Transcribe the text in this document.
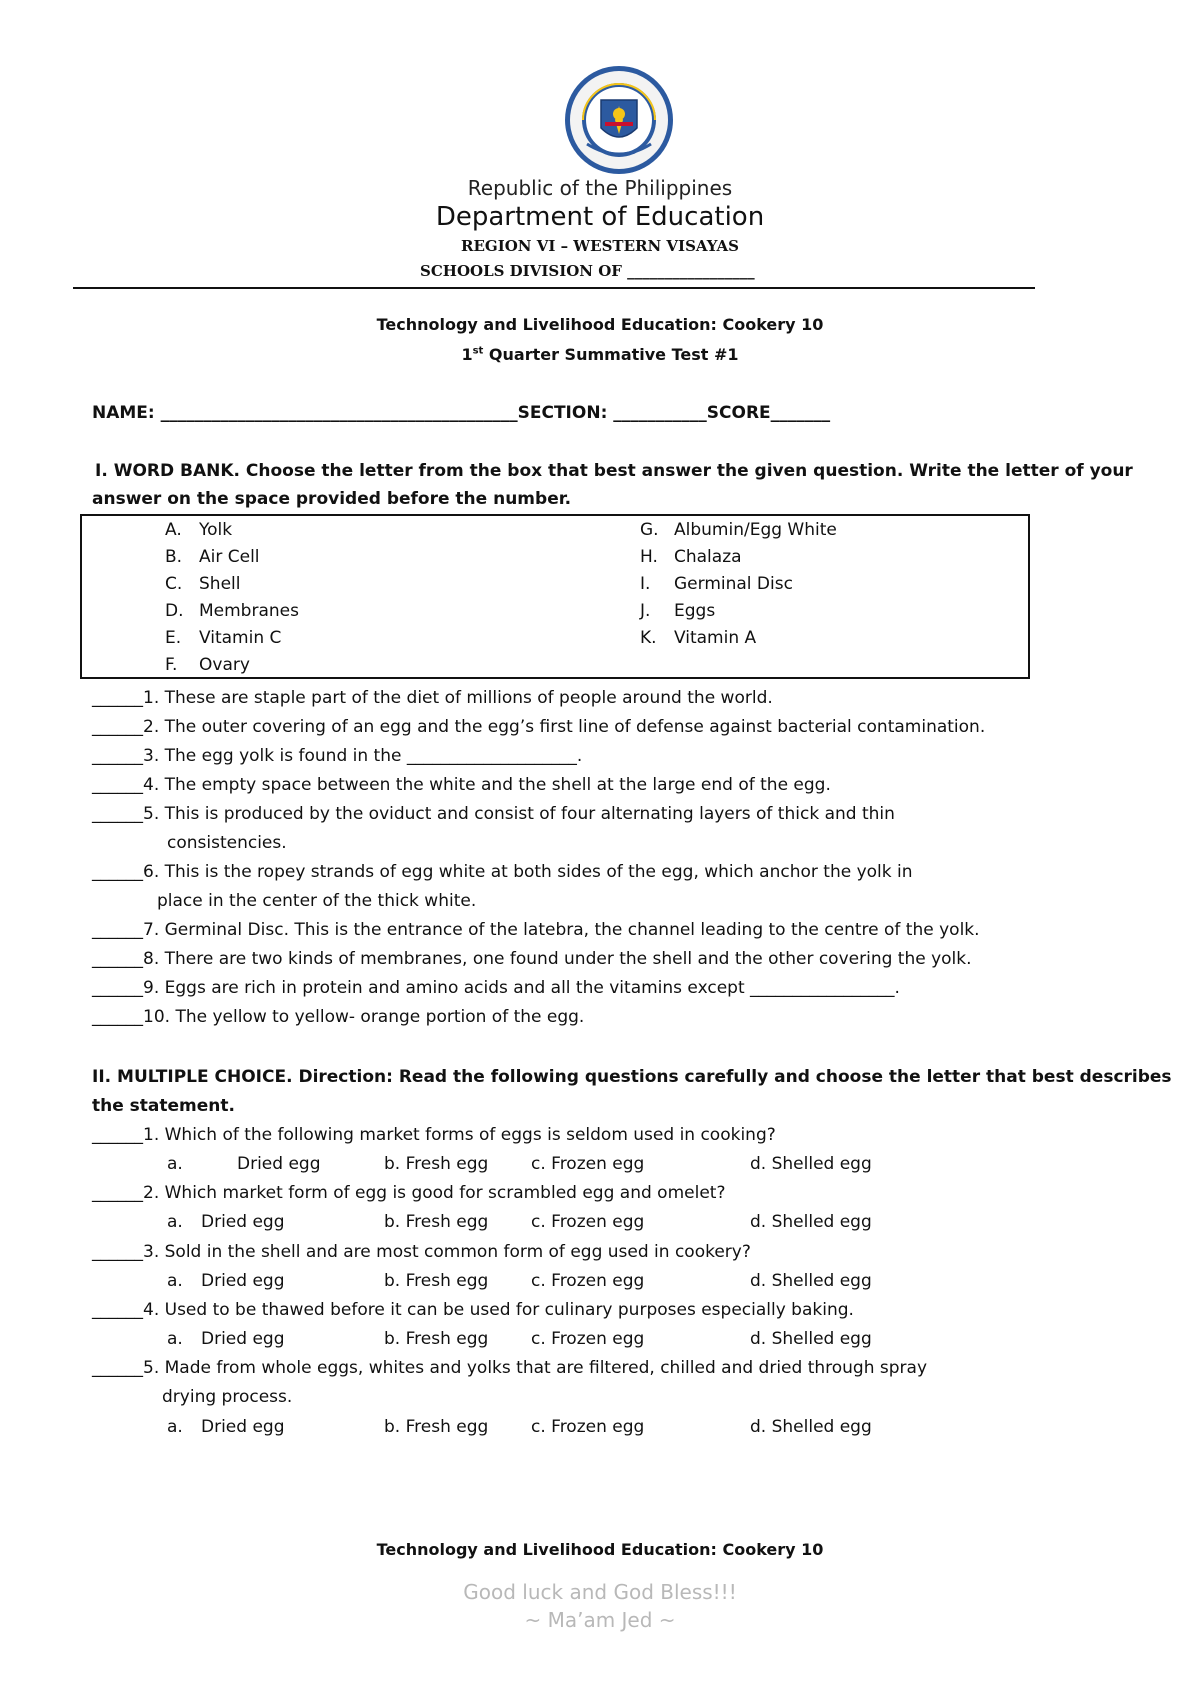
Republic of the Philippines
Department of Education
REGION VI – WESTERN VISAYAS
SCHOOLS DIVISION OF _________________
Technology and Livelihood Education: Cookery 10
1st Quarter Summative Test #1
NAME: __________________________________________SECTION: ___________SCORE_______
I. WORD BANK. Choose the letter from the box that best answer the given question. Write the letter of your
answer on the space provided before the number.
A. Yolk
B. Air Cell
C. Shell
D. Membranes
E. Vitamin C
F. Ovary
G. Albumin/Egg White
H. Chalaza
I. Germinal Disc
J. Eggs
K. Vitamin A
______1. These are staple part of the diet of millions of people around the world.
______2. The outer covering of an egg and the egg’s first line of defense against bacterial contamination.
______3. The egg yolk is found in the ____________________.
______4. The empty space between the white and the shell at the large end of the egg.
______5. This is produced by the oviduct and consist of four alternating layers of thick and thin
consistencies.
______6. This is the ropey strands of egg white at both sides of the egg, which anchor the yolk in
place in the center of the thick white.
______7. Germinal Disc. This is the entrance of the latebra, the channel leading to the centre of the yolk.
______8. There are two kinds of membranes, one found under the shell and the other covering the yolk.
______9. Eggs are rich in protein and amino acids and all the vitamins except _________________.
______10. The yellow to yellow- orange portion of the egg.
II. MULTIPLE CHOICE. Direction: Read the following questions carefully and choose the letter that best describes
the statement.
______1. Which of the following market forms of eggs is seldom used in cooking?
a.	Dried egg	b. Fresh egg	c. Frozen egg	d. Shelled egg
______2. Which market form of egg is good for scrambled egg and omelet?
a. Dried egg	b. Fresh egg	c. Frozen egg	d. Shelled egg
______3. Sold in the shell and are most common form of egg used in cookery?
a. Dried egg	b. Fresh egg	c. Frozen egg	d. Shelled egg
______4. Used to be thawed before it can be used for culinary purposes especially baking.
a. Dried egg	b. Fresh egg	c. Frozen egg	d. Shelled egg
______5. Made from whole eggs, whites and yolks that are filtered, chilled and dried through spray
drying process.
a. Dried egg	b. Fresh egg	c. Frozen egg	d. Shelled egg
Technology and Livelihood Education: Cookery 10
Good luck and God Bless!!!
~ Ma’am Jed ~
